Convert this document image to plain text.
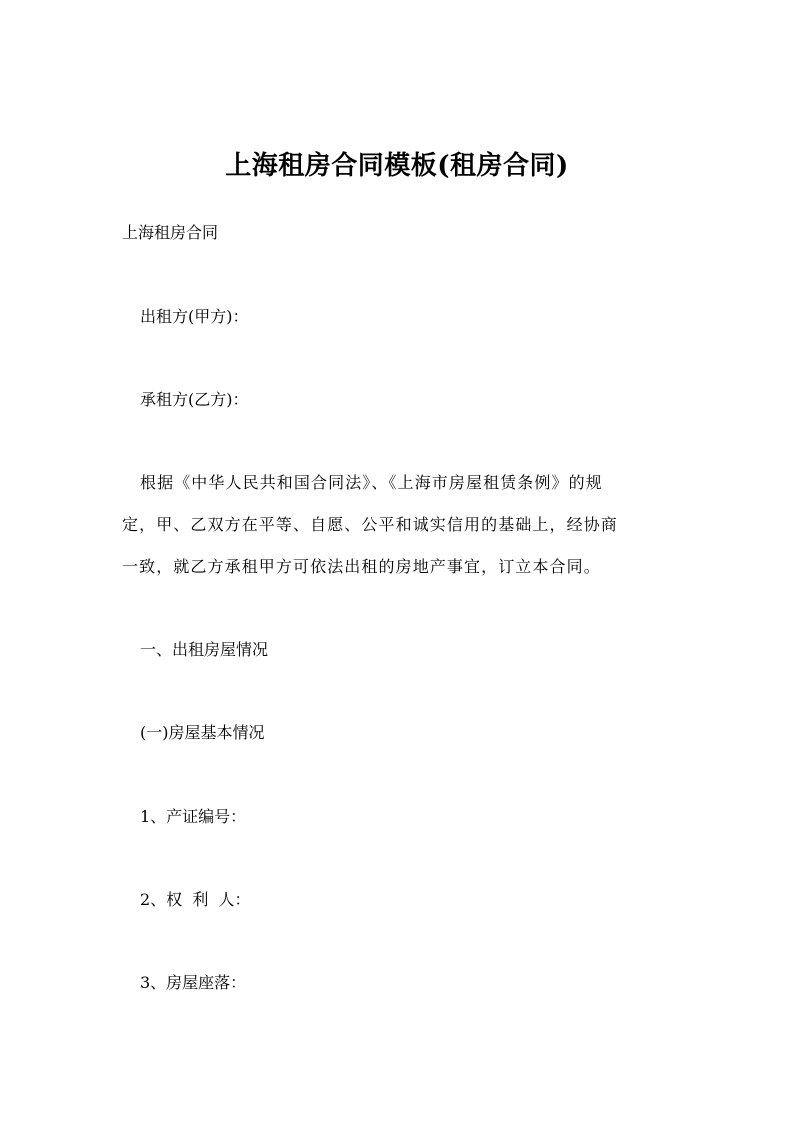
上海租房合同模板(租房合同)
上海租房合同
出租方(甲方)：
承租方(乙方)：
根据《中华人民共和国合同法》、《上海市房屋租赁条例》的规
定，甲、乙双方在平等、自愿、公平和诚实信用的基础上，经协商
一致，就乙方承租甲方可依法出租的房地产事宜，订立本合同。
一、出租房屋情况
(一)房屋基本情况
1、产证编号：
2、权  利  人：
3、房屋座落：
